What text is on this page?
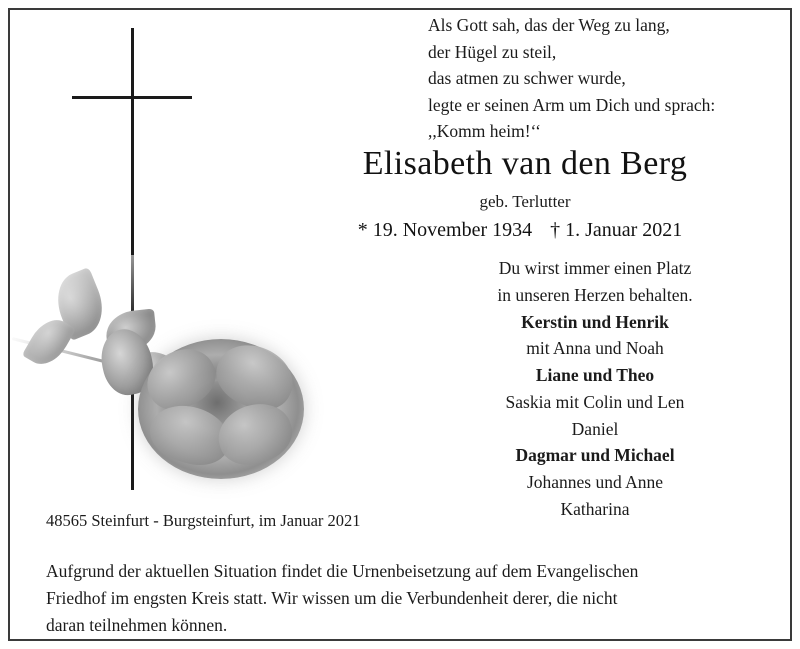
Als Gott sah, das der Weg zu lang,
der Hügel zu steil,
das atmen zu schwer wurde,
legte er seinen Arm um Dich und sprach:
,,Komm heim!‘‘
Elisabeth van den Berg
geb. Terlutter
* 19. November 1934 † 1. Januar 2021
Du wirst immer einen Platz
in unseren Herzen behalten.
Kerstin und Henrik
mit Anna und Noah
Liane und Theo
Saskia mit Colin und Len
Daniel
Dagmar und Michael
Johannes und Anne
Katharina
48565 Steinfurt - Burgsteinfurt, im Januar 2021
Aufgrund der aktuellen Situation findet die Urnenbeisetzung auf dem Evangelischen
Friedhof im engsten Kreis statt. Wir wissen um die Verbundenheit derer, die nicht
daran teilnehmen können.
